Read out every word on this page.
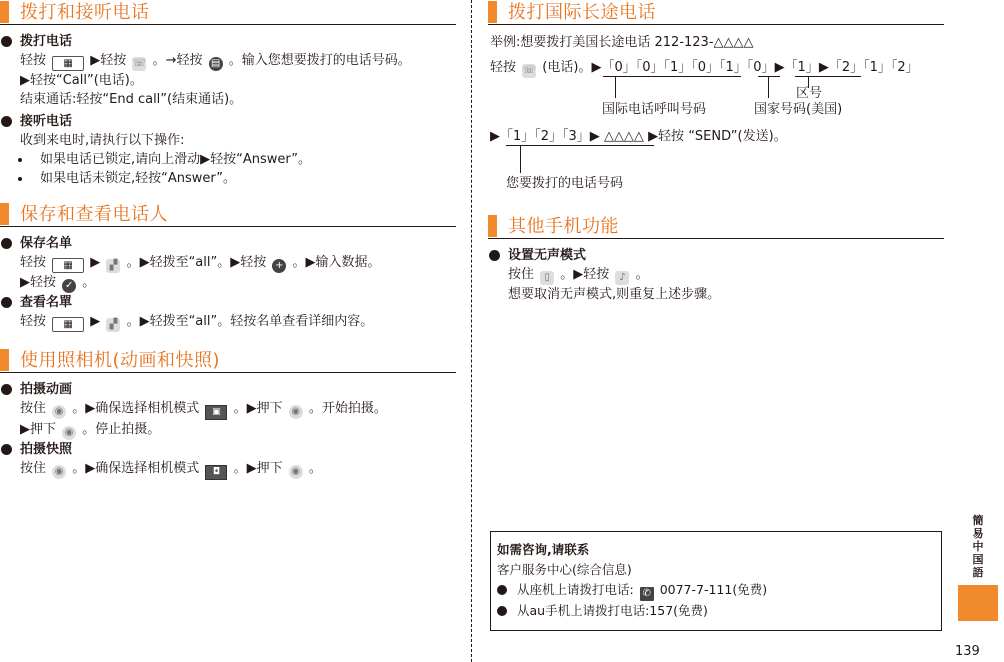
拨打和接听电话
拨打电话
轻按 ▦ ▶轻按 ☏ 。→轻按 ▤ 。输入您想要拨打的电话号码。
▶轻按“Call”(电话)。
结束通话:轻按“End call”(结束通话)。
接听电话
收到来电时,请执行以下操作:
如果电话已锁定,请向上滑动▶轻按“Answer”。
如果电话未锁定,轻按“Answer”。
保存和查看电话人
保存名单
轻按 ▦ ▶ ▞ 。▶轻拨至“all”。▶轻按 + 。▶输入数据。
▶轻按 ✓ 。
查看名單
轻按 ▦ ▶ ▞ 。▶轻拨至“all”。轻按名单查看详细内容。
使用照相机(动画和快照)
拍摄动画
按住 ◉ 。▶确保选择相机模式 ▣ 。▶押下 ◉ 。开始拍摄。
▶押下 ◉ 。停止拍摄。
拍摄快照
按住 ◉ 。▶确保选择相机模式 ◘ 。▶押下 ◉ 。
拨打国际长途电话
举例:想要拨打美国长途电话 212-123-△△△△
轻按 ☏ (电话)。▶「0」「0」「1」「0」「1」「0」▶「1」▶「2」「1」「2」
区号
国际电话呼叫号码	国家号码(美国)
▶「1」「2」「3」▶ △△△△ ▶轻按 “SEND”(发送)。
您要拨打的电话号码
其他手机功能
设置无声模式
按住 ▯ 。▶轻按 ♪ 。
想要取消无声模式,则重复上述步骤。
如需咨询,请联系
客户服务中心(综合信息)
从座机上请拨打电话: ✆ 0077-7-111(免费)
从au手机上请拨打电话:157(免费)
簡易中国語
139
